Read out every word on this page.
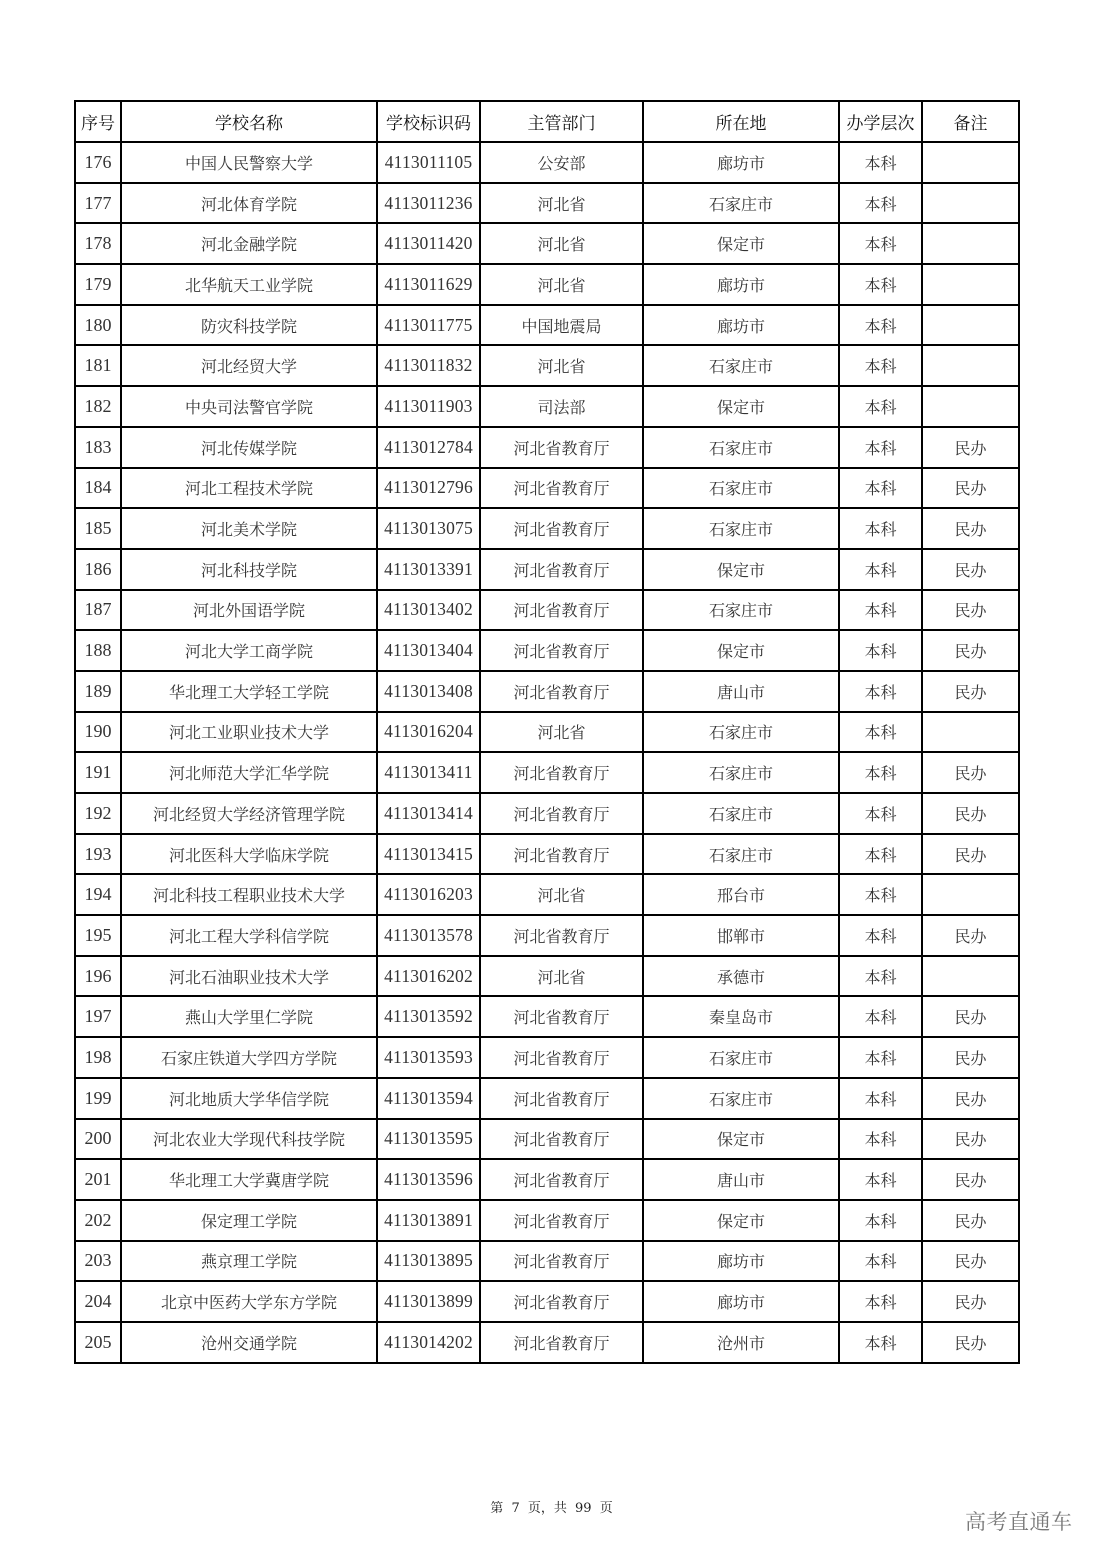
序号	学校名称	学校标识码	主管部门	所在地	办学层次	备注
176	中国人民警察大学	4113011105	公安部	廊坊市	本科	
177	河北体育学院	4113011236	河北省	石家庄市	本科	
178	河北金融学院	4113011420	河北省	保定市	本科	
179	北华航天工业学院	4113011629	河北省	廊坊市	本科	
180	防灾科技学院	4113011775	中国地震局	廊坊市	本科	
181	河北经贸大学	4113011832	河北省	石家庄市	本科	
182	中央司法警官学院	4113011903	司法部	保定市	本科	
183	河北传媒学院	4113012784	河北省教育厅	石家庄市	本科	民办
184	河北工程技术学院	4113012796	河北省教育厅	石家庄市	本科	民办
185	河北美术学院	4113013075	河北省教育厅	石家庄市	本科	民办
186	河北科技学院	4113013391	河北省教育厅	保定市	本科	民办
187	河北外国语学院	4113013402	河北省教育厅	石家庄市	本科	民办
188	河北大学工商学院	4113013404	河北省教育厅	保定市	本科	民办
189	华北理工大学轻工学院	4113013408	河北省教育厅	唐山市	本科	民办
190	河北工业职业技术大学	4113016204	河北省	石家庄市	本科	
191	河北师范大学汇华学院	4113013411	河北省教育厅	石家庄市	本科	民办
192	河北经贸大学经济管理学院	4113013414	河北省教育厅	石家庄市	本科	民办
193	河北医科大学临床学院	4113013415	河北省教育厅	石家庄市	本科	民办
194	河北科技工程职业技术大学	4113016203	河北省	邢台市	本科	
195	河北工程大学科信学院	4113013578	河北省教育厅	邯郸市	本科	民办
196	河北石油职业技术大学	4113016202	河北省	承德市	本科	
197	燕山大学里仁学院	4113013592	河北省教育厅	秦皇岛市	本科	民办
198	石家庄铁道大学四方学院	4113013593	河北省教育厅	石家庄市	本科	民办
199	河北地质大学华信学院	4113013594	河北省教育厅	石家庄市	本科	民办
200	河北农业大学现代科技学院	4113013595	河北省教育厅	保定市	本科	民办
201	华北理工大学冀唐学院	4113013596	河北省教育厅	唐山市	本科	民办
202	保定理工学院	4113013891	河北省教育厅	保定市	本科	民办
203	燕京理工学院	4113013895	河北省教育厅	廊坊市	本科	民办
204	北京中医药大学东方学院	4113013899	河北省教育厅	廊坊市	本科	民办
205	沧州交通学院	4113014202	河北省教育厅	沧州市	本科	民办
第 7 页，共 99 页
高考直通车
